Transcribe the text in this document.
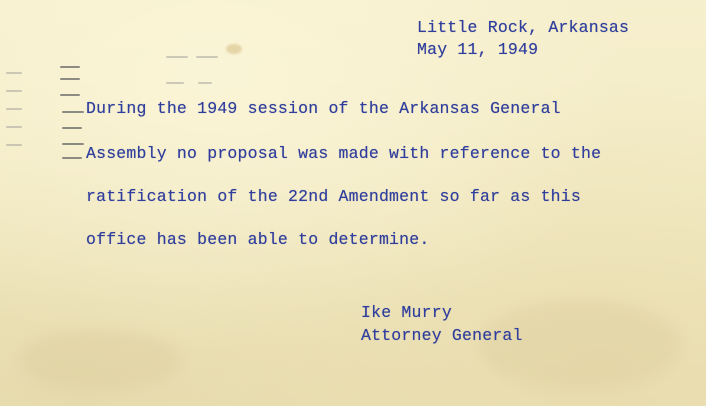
Little Rock, Arkansas

May 11, 1949

During the 1949 session of the Arkansas General

Assembly no proposal was made with reference to the

ratification of the 22nd Amendment so far as this

office has been able to determine.

Ike Murry

Attorney General
